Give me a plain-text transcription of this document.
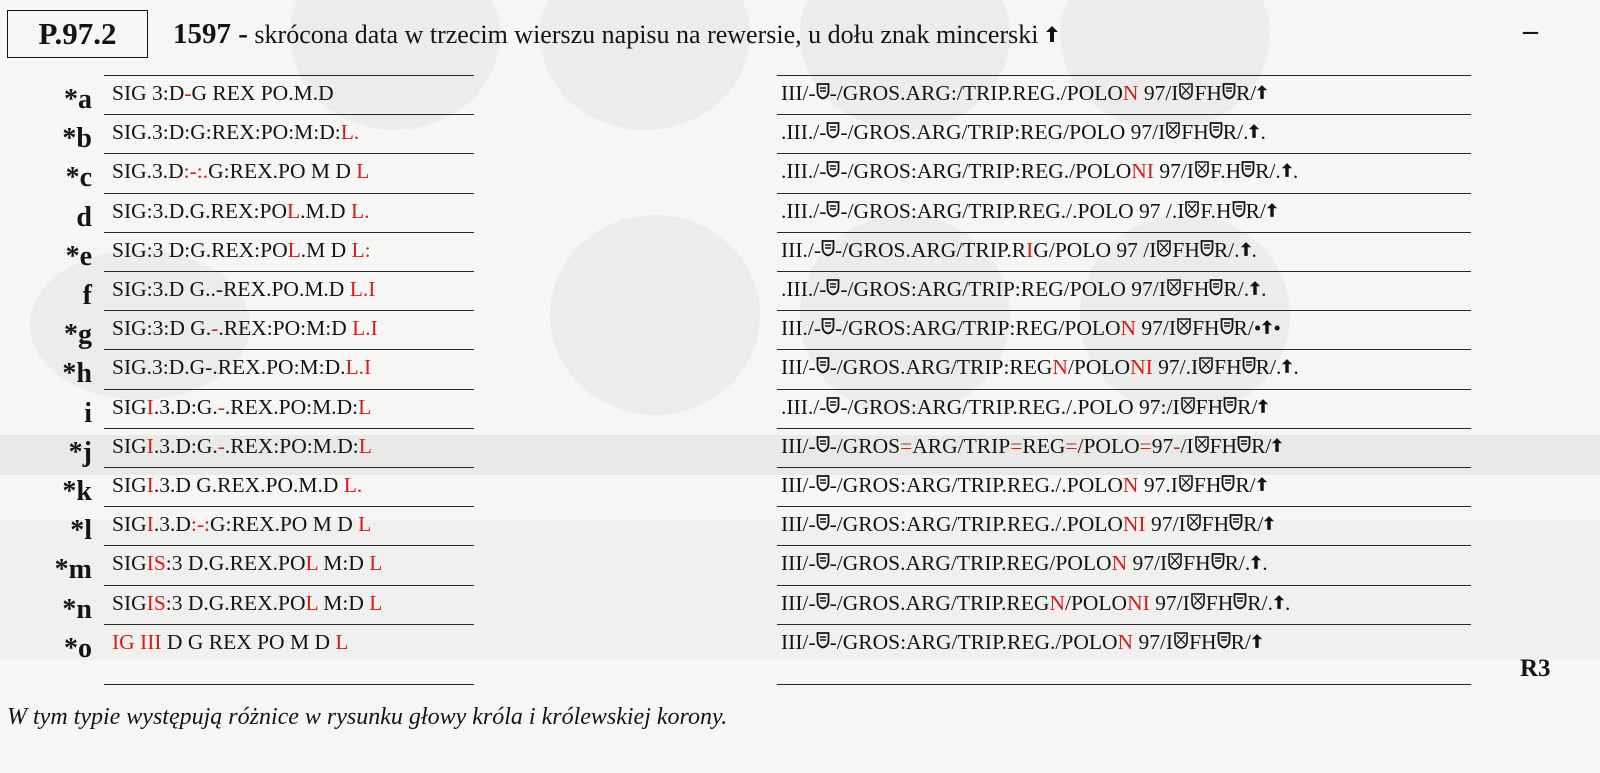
P.97.2	1597 - skrócona data w trzecim wierszu napisu na rewersie, u dołu znak mincerski	–
*a SIG 3:D-G REX PO.M.D	III/- -/GROS.ARG:/TRIP.REG./POLON 97/I FH R/
*b SIG.3:D:G:REX:PO:M:D:L.	.III./- -/GROS.ARG/TRIP:REG/POLO 97/I FH R/. .
*c SIG.3.D:-:.G:REX.PO M D L	.III./- -/GROS:ARG/TRIP:REG./POLONI 97/I F.H R/. .
d SIG:3.D.G.REX:POL.M.D L.	.III./- -/GROS:ARG/TRIP.REG./.POLO 97 /.I F.H R/
*e SIG:3 D:G.REX:POL.M D L:	III./- -/GROS.ARG/TRIP.RIG/POLO 97 /I FH R/. .
f SIG:3.D G..-REX.PO.M.D L.I	.III./- -/GROS:ARG/TRIP:REG/POLO 97/I FH R/. .
*g SIG:3:D G.-.REX:PO:M:D L.I	III./- -/GROS:ARG/TRIP:REG/POLON 97/I FH R/• •
*h SIG.3:D.G-.REX.PO:M:D.L.I	III/- -/GROS.ARG/TRIP:REGN/POLONI 97/.I FH R/. .
i SIGI.3.D:G.-.REX.PO:M.D:L	.III./- -/GROS:ARG/TRIP.REG./.POLO 97:/I FH R/
*j SIGI.3.D:G.-.REX:PO:M.D:L	III/- -/GROS=ARG/TRIP=REG=/POLO=97-/I FH R/
*k SIGI.3.D G.REX.PO.M.D L.	III/- -/GROS:ARG/TRIP.REG./.POLON 97.I FH R/
*l SIGI.3.D:-:G:REX.PO M D L	III/- -/GROS:ARG/TRIP.REG./.POLONI 97/I FH R/
*m SIGIS:3 D.G.REX.POL M:D L	III/- -/GROS.ARG/TRIP.REG/POLON 97/I FH R/. .
*n SIGIS:3 D.G.REX.POL M:D L	III/- -/GROS.ARG/TRIP.REGN/POLONI 97/I FH R/. .
*o IG III D G REX PO M D L	III/- -/GROS:ARG/TRIP.REG./POLON 97/I FH R/
R3
W tym typie występują różnice w rysunku głowy króla i królewskiej korony.
